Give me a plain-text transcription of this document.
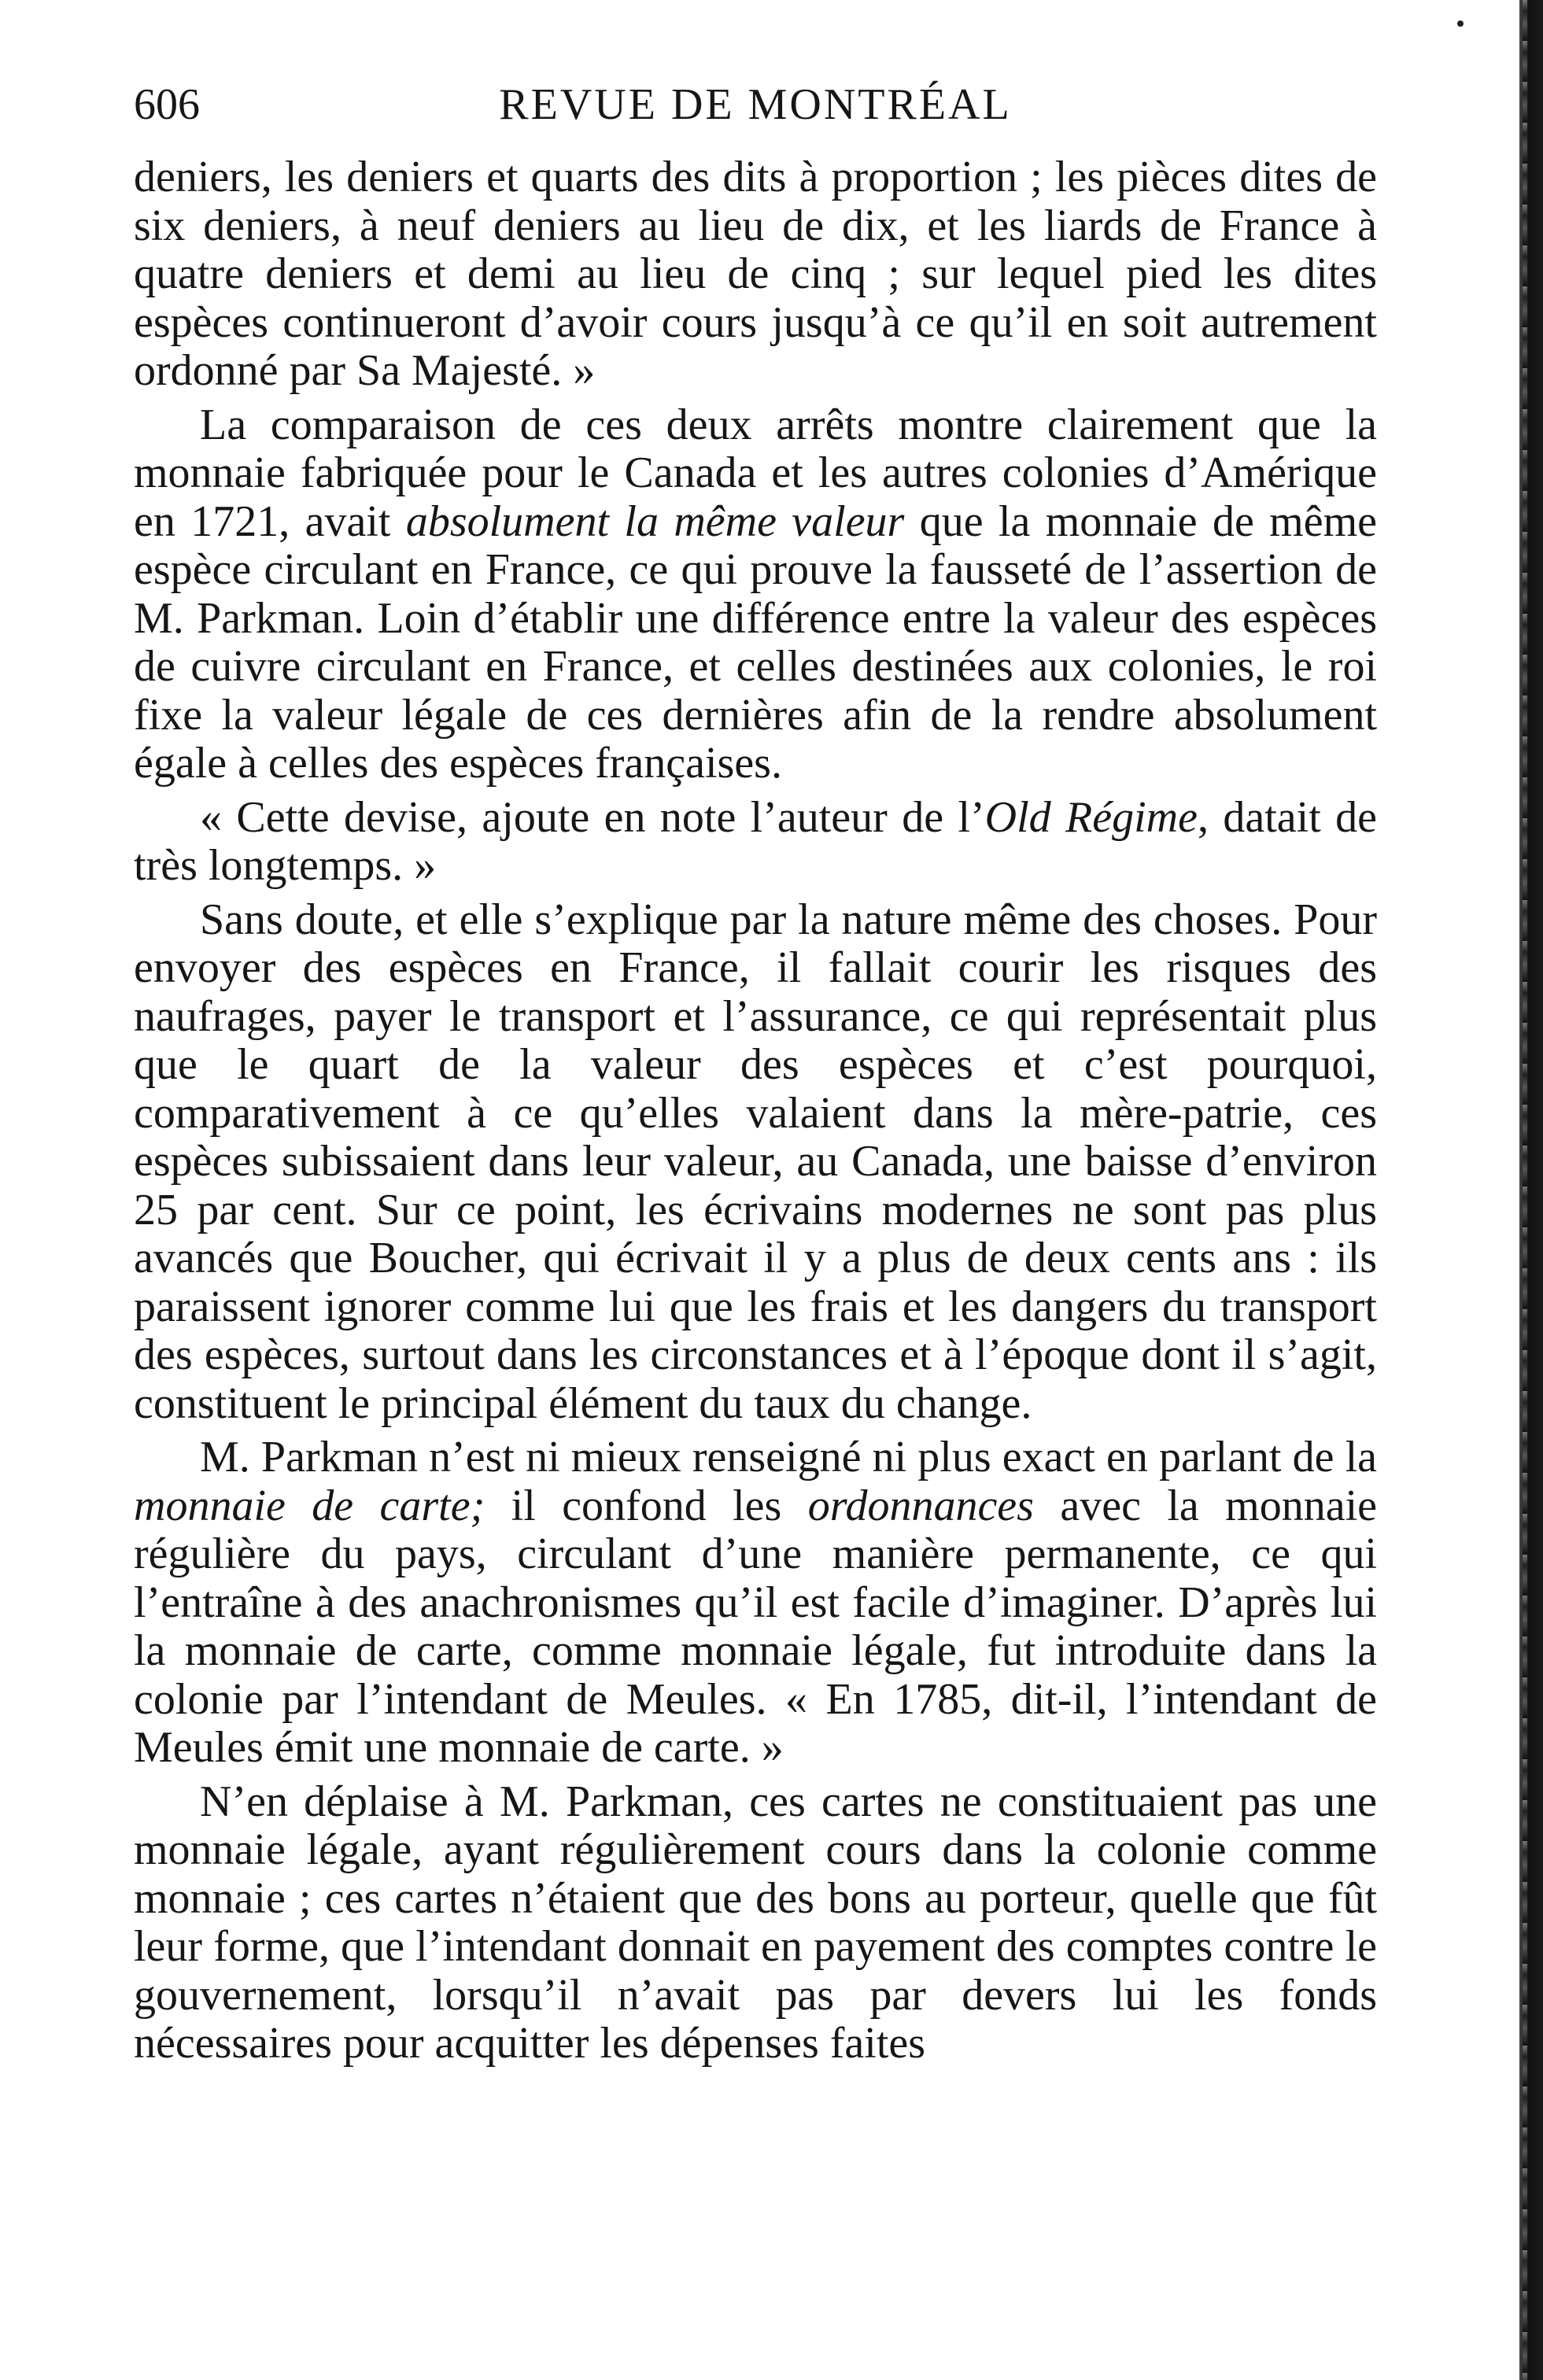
606	REVUE DE MONTRÉAL

deniers, les deniers et quarts des dits à proportion ; les pièces dites de six deniers, à neuf deniers au lieu de dix, et les liards de France à quatre deniers et demi au lieu de cinq ; sur lequel pied les dites espèces continueront d’avoir cours jusqu’à ce qu’il en soit autrement ordonné par Sa Majesté. »

La comparaison de ces deux arrêts montre clairement que la monnaie fabriquée pour le Canada et les autres colonies d’Amérique en 1721, avait absolument la même valeur que la monnaie de même espèce circulant en France, ce qui prouve la fausseté de l’assertion de M. Parkman. Loin d’établir une différence entre la valeur des espèces de cuivre circulant en France, et celles destinées aux colonies, le roi fixe la valeur légale de ces dernières afin de la rendre absolument égale à celles des espèces françaises.

« Cette devise, ajoute en note l’auteur de l’Old Régime, datait de très longtemps. »

Sans doute, et elle s’explique par la nature même des choses. Pour envoyer des espèces en France, il fallait courir les risques des naufrages, payer le transport et l’assurance, ce qui représentait plus que le quart de la valeur des espèces et c’est pourquoi, comparativement à ce qu’elles valaient dans la mère-patrie, ces espèces subissaient dans leur valeur, au Canada, une baisse d’environ 25 par cent. Sur ce point, les écrivains modernes ne sont pas plus avancés que Boucher, qui écrivait il y a plus de deux cents ans : ils paraissent ignorer comme lui que les frais et les dangers du transport des espèces, surtout dans les circonstances et à l’époque dont il s’agit, constituent le principal élément du taux du change.

M. Parkman n’est ni mieux renseigné ni plus exact en parlant de la monnaie de carte; il confond les ordonnances avec la monnaie régulière du pays, circulant d’une manière permanente, ce qui l’entraîne à des anachronismes qu’il est facile d’imaginer. D’après lui la monnaie de carte, comme monnaie légale, fut introduite dans la colonie par l’intendant de Meules. « En 1785, dit-il, l’intendant de Meules émit une monnaie de carte. »

N’en déplaise à M. Parkman, ces cartes ne constituaient pas une monnaie légale, ayant régulièrement cours dans la colonie comme monnaie ; ces cartes n’étaient que des bons au porteur, quelle que fût leur forme, que l’intendant donnait en payement des comptes contre le gouvernement, lorsqu’il n’avait pas par devers lui les fonds nécessaires pour acquitter les dépenses faites
